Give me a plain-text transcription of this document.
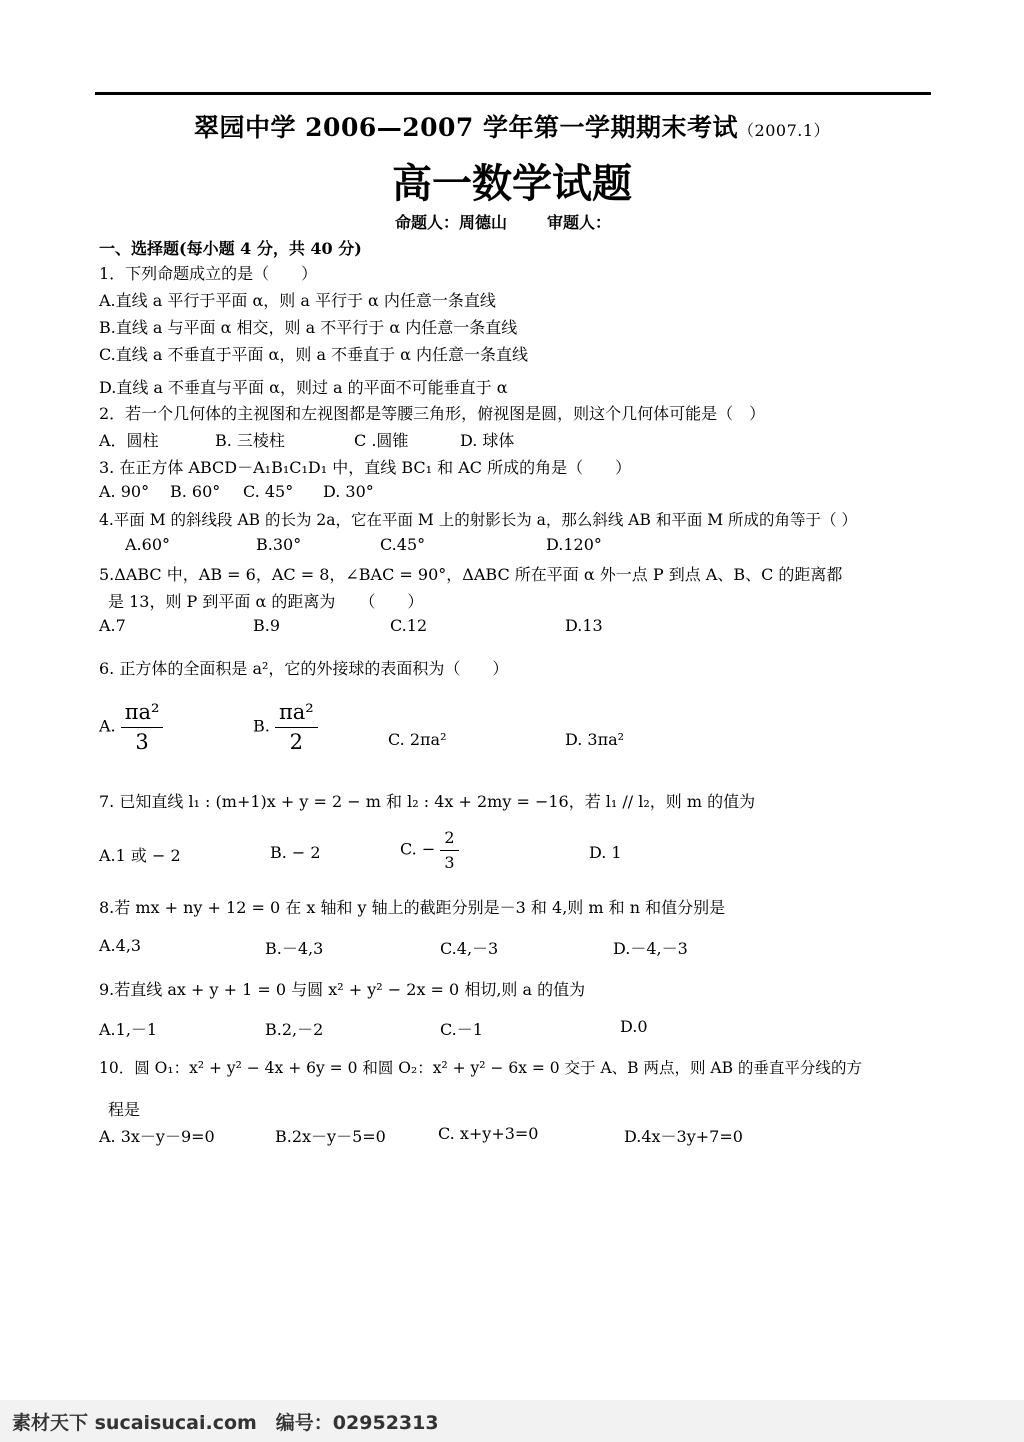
翠园中学 2006—2007 学年第一学期期末考试（2007.1）
高一数学试题
命题人：周德山	审题人：
一、选择题(每小题 4 分，共 40 分)
1．下列命题成立的是（　　）
A.直线 a 平行于平面 α，则 a 平行于 α 内任意一条直线
B.直线 a 与平面 α 相交，则 a 不平行于 α 内任意一条直线
C.直线 a 不垂直于平面 α，则 a 不垂直于 α 内任意一条直线
D.直线 a 不垂直与平面 α，则过 a 的平面不可能垂直于 α
2．若一个几何体的主视图和左视图都是等腰三角形，俯视图是圆，则这个几何体可能是（　）
A．圆柱	B. 三棱柱	C .圆锥	D. 球体
3. 在正方体 ABCD－A₁B₁C₁D₁ 中，直线 BC₁ 和 AC 所成的角是（　　）
A. 90° B. 60° C. 45° D. 30°
4.平面 M 的斜线段 AB 的长为 2a，它在平面 M 上的射影长为 a，那么斜线 AB 和平面 M 所成的角等于（ ）
A.60°	B.30°	C.45°	D.120°
5.ΔABC 中，AB = 6，AC = 8，∠BAC = 90°，ΔABC 所在平面 α 外一点 P 到点 A、B、C 的距离都
是 13，则 P 到平面 α 的距离为　　（　　）
A.7	B.9	C.12	D.13
6. 正方体的全面积是 a²，它的外接球的表面积为（　　）
A. $\frac{\text{πa²}}{3}$	B. $\frac{\text{πa²}}{2}$	C. 2πa²	D. 3πa²
7. 已知直线 l₁ : (m+1)x + y = 2 − m 和 l₂ : 4x + 2my = −16，若 l₁ // l₂，则 m 的值为
A.1 或 − 2	B. − 2	C. − $\frac{2}{3}$	D. 1
8.若 mx + ny + 12 = 0 在 x 轴和 y 轴上的截距分别是－3 和 4,则 m 和 n 和值分别是
A.4,3	B.－4,3	C.4,－3	D.－4,－3
9.若直线 ax + y + 1 = 0 与圆 x² + y² − 2x = 0 相切,则 a 的值为
A.1,－1	B.2,－2	C.－1	D.0
10．圆 O₁：x² + y² − 4x + 6y = 0 和圆 O₂：x² + y² − 6x = 0 交于 A、B 两点，则 AB 的垂直平分线的方
程是
A. 3x－y－9=0	B.2x－y－5=0	C. x+y+3=0	D.4x－3y+7=0
素材天下 sucaisucai.com　编号：02952313
